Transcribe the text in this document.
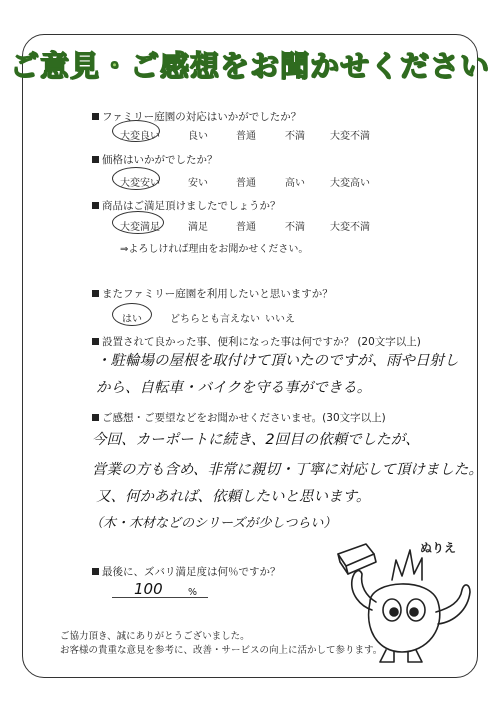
ご意見・ご感想をお聞かせください
ファミリー庭園の対応はいかがでしたか？
大変良い	良い	普通	不満	大変不満
価格はいかがでしたか？
大変安い	安い	普通	高い	大変高い
商品はご満足頂けましたでしょうか？
大変満足	満足	普通	不満	大変不満
⇒よろしければ理由をお聞かせください。
またファミリー庭園を利用したいと思いますか？
はい	どちらとも言えない いいえ
設置されて良かった事、便利になった事は何ですか？ (20文字以上)
・駐輪場の屋根を取付けて頂いたのですが、雨や日射し
から、自転車・バイクを守る事ができる。
ご感想・ご要望などをお聞かせくださいませ。(30文字以上)
今回、カーポートに続き、2回目の依頼でしたが、
営業の方も含め、非常に親切・丁寧に対応して頂けました。
又、何かあれば、依頼したいと思います。
（木・木材などのシリーズが少しつらい）
最後に、ズバリ満足度は何％ですか？
100	%
ご協力頂き、誠にありがとうございました。
お客様の貴重な意見を参考に、改善・サービスの向上に活かして参ります。
ぬりえ
